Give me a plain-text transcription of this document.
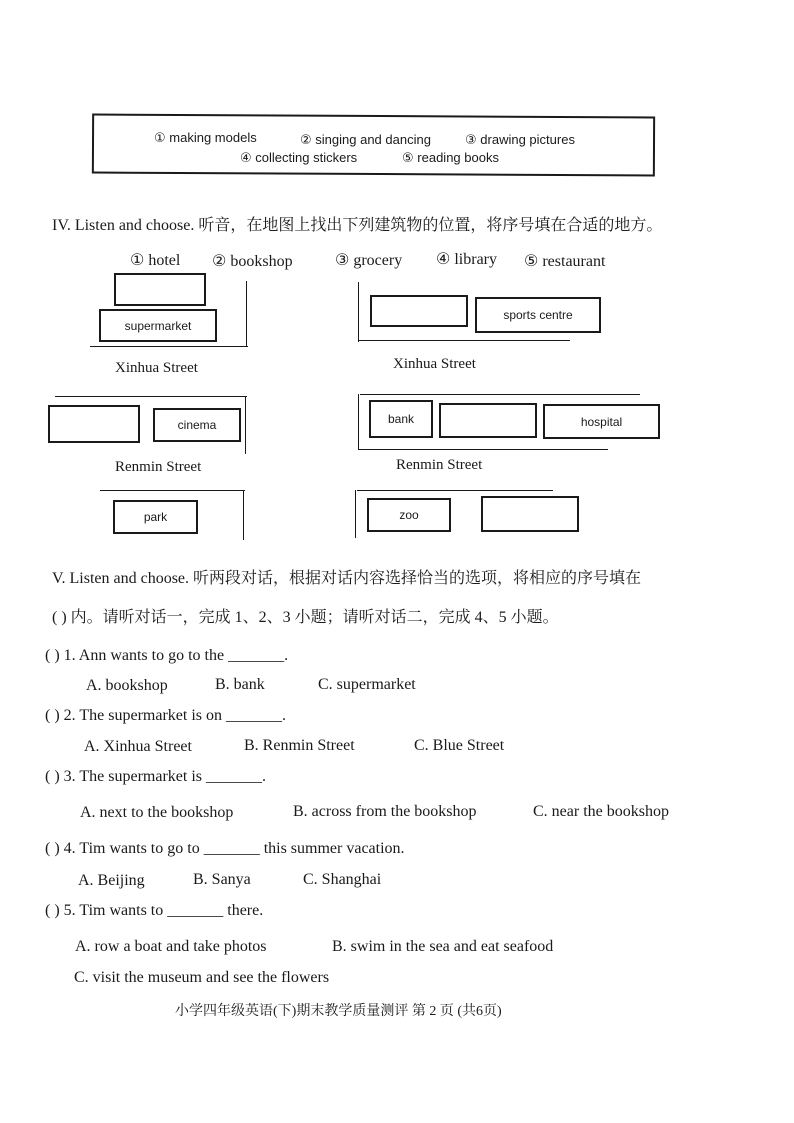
① making models	② singing and dancing	③ drawing pictures
④ collecting stickers	⑤ reading books
IV. Listen and choose. 听音，在地图上找出下列建筑物的位置，将序号填在合适的地方。
① hotel ② bookshop	③ grocery ④ library ⑤ restaurant
supermarket
Xinhua Street
sports centre
Xinhua Street
cinema
Renmin Street
bank	hospital
Renmin Street
park	zoo
V. Listen and choose. 听两段对话，根据对话内容选择恰当的选项，将相应的序号填在
( ) 内。请听对话一，完成 1、2、3 小题；请听对话二，完成 4、5 小题。
( ) 1. Ann wants to go to the _______.
A. bookshop	B. bank	C. supermarket
( ) 2. The supermarket is on _______.
A. Xinhua Street	B. Renmin Street	C. Blue Street
( ) 3. The supermarket is _______.
A. next to the bookshop	B. across from the bookshop	C. near the bookshop
( ) 4. Tim wants to go to _______ this summer vacation.
A. Beijing	B. Sanya	C. Shanghai
( ) 5. Tim wants to _______ there.
A. row a boat and take photos	B. swim in the sea and eat seafood
C. visit the museum and see the flowers
小学四年级英语(下)期末教学质量测评 第 2 页 (共6页)
